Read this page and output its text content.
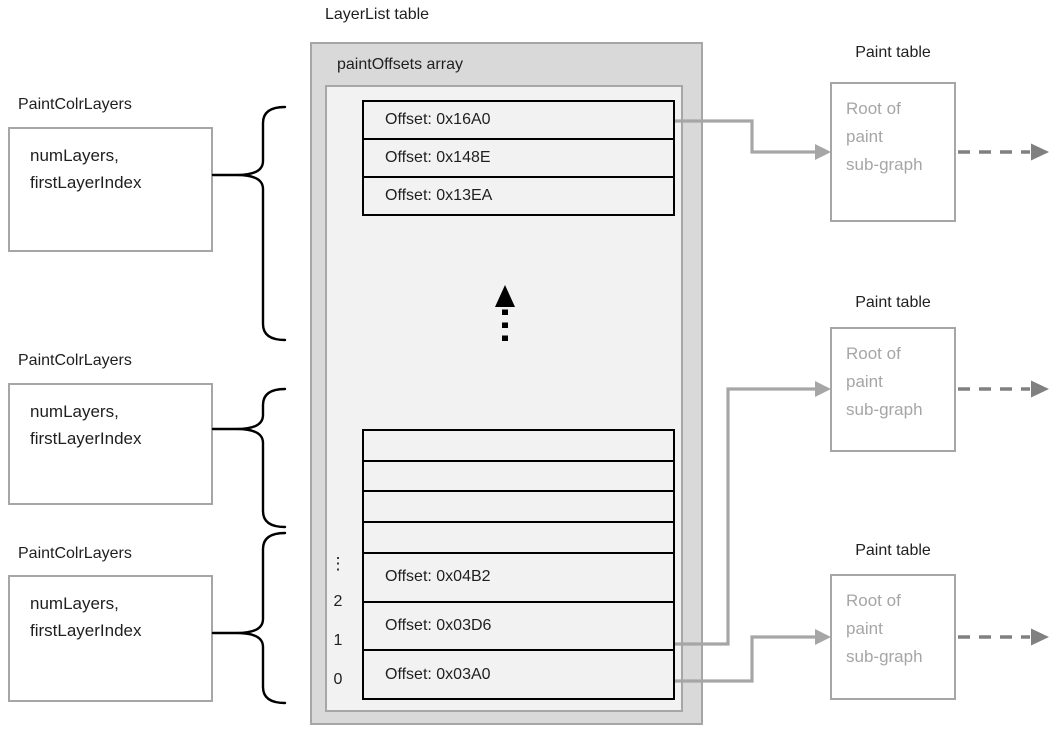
LayerList table
paintOffsets array
Offset: 0x16A0
Offset: 0x148E
Offset: 0x13EA
Offset: 0x04B2
Offset: 0x03D6
Offset: 0x03A0
⋮
2
1
0
PaintColrLayers
numLayers,
firstLayerIndex
PaintColrLayers
numLayers,
firstLayerIndex
PaintColrLayers
numLayers,
firstLayerIndex
Paint table
Root of
paint
sub-graph
Paint table
Root of
paint
sub-graph
Paint table
Root of
paint
sub-graph
